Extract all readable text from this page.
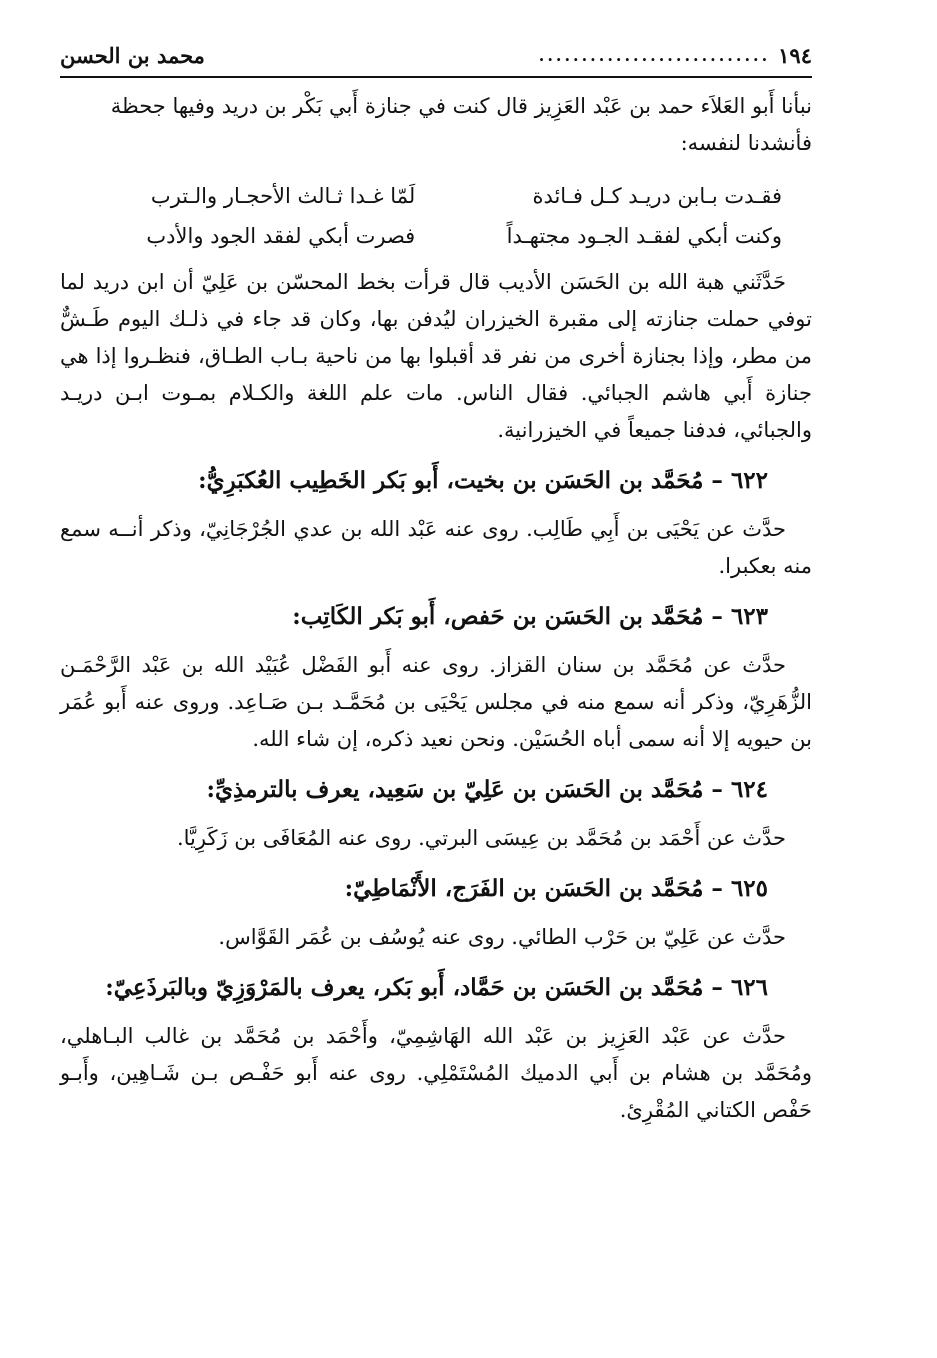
١٩٤
...........................
محمد بن الحسن

نبأنا أَبو العَلاَء حمد بن عَبْد العَزِيز قال كنت في جنازة أَبي بَكْر بن دريد وفيها جحظة

فأنشدنا لنفسه:

فقـدت بـابن دريـد كـل فـائدة
لَمّا غـدا ثـالث الأحجـار والـترب
وكنت أبكي لفقـد الجـود مجتهـداً
فصرت أبكي لفقد الجود والأدب

حَدَّثَني هبة الله بن الحَسَن الأديب قال قرأت بخط المحسّن بن عَلِيّ أن ابن دريد لما توفي حملت جنازته إلى مقبرة الخيزران ليُدفن بها، وكان قد جاء في ذلـك اليوم طَـشٌّ من مطر، وإذا بجنازة أخرى من نفر قد أقبلوا بها من ناحية بـاب الطـاق، فنظـروا إذا هي جنازة أَبي هاشم الجبائي. فقال الناس. مات علم اللغة والكـلام بمـوت ابـن دريـد والجبائي، فدفنا جميعاً في الخيزرانية.

٦٢٢ –مُحَمَّد بن الحَسَن بن بخيت، أَبو بَكر الخَطِيب العُكبَرِيُّ:

حدَّث عن يَحْيَى بن أَبِي طَالِب. روى عنه عَبْد الله بن عدي الجُرْجَانِيّ، وذكر أنــه سمع منه بعكبرا.

٦٢٣ –مُحَمَّد بن الحَسَن بن حَفص، أَبو بَكر الكَاتِب:

حدَّث عن مُحَمَّد بن سنان القزاز. روى عنه أَبو الفَضْل عُبَيْد الله بن عَبْد الرَّحْمَـن الزُّهَرِيّ، وذكر أنه سمع منه في مجلس يَحْيَى بن مُحَمَّـد بـن صَـاعِد. وروى عنه أَبو عُمَر بن حيويه إلا أنه سمى أباه الحُسَيْن. ونحن نعيد ذكره، إن شاء الله.

٦٢٤ –مُحَمَّد بن الحَسَن بن عَلِيّ بن سَعِيد، يعرف بالترمذِيِّ:

حدَّث عن أَحْمَد بن مُحَمَّد بن عِيسَى البرتي. روى عنه المُعَافَى بن زَكَرِيَّا.

٦٢٥ –مُحَمَّد بن الحَسَن بن الفَرَج، الأَنْمَاطِيّ:

حدَّث عن عَلِيّ بن حَرْب الطائي. روى عنه يُوسُف بن عُمَر القَوَّاس.

٦٢٦ –مُحَمَّد بن الحَسَن بن حَمَّاد، أَبو بَكر، يعرف بالمَرْوَزِيّ وبالبَرذَعِيّ:

حدَّث عن عَبْد العَزِيز بن عَبْد الله الهَاشِمِيّ، وأَحْمَد بن مُحَمَّد بن غالب البـاهلي، ومُحَمَّد بن هشام بن أَبي الدميك المُسْتَمْلِي. روى عنه أَبو حَفْـص بـن شَـاهِين، وأَبـو حَفْص الكتاني المُقْرِئ.
